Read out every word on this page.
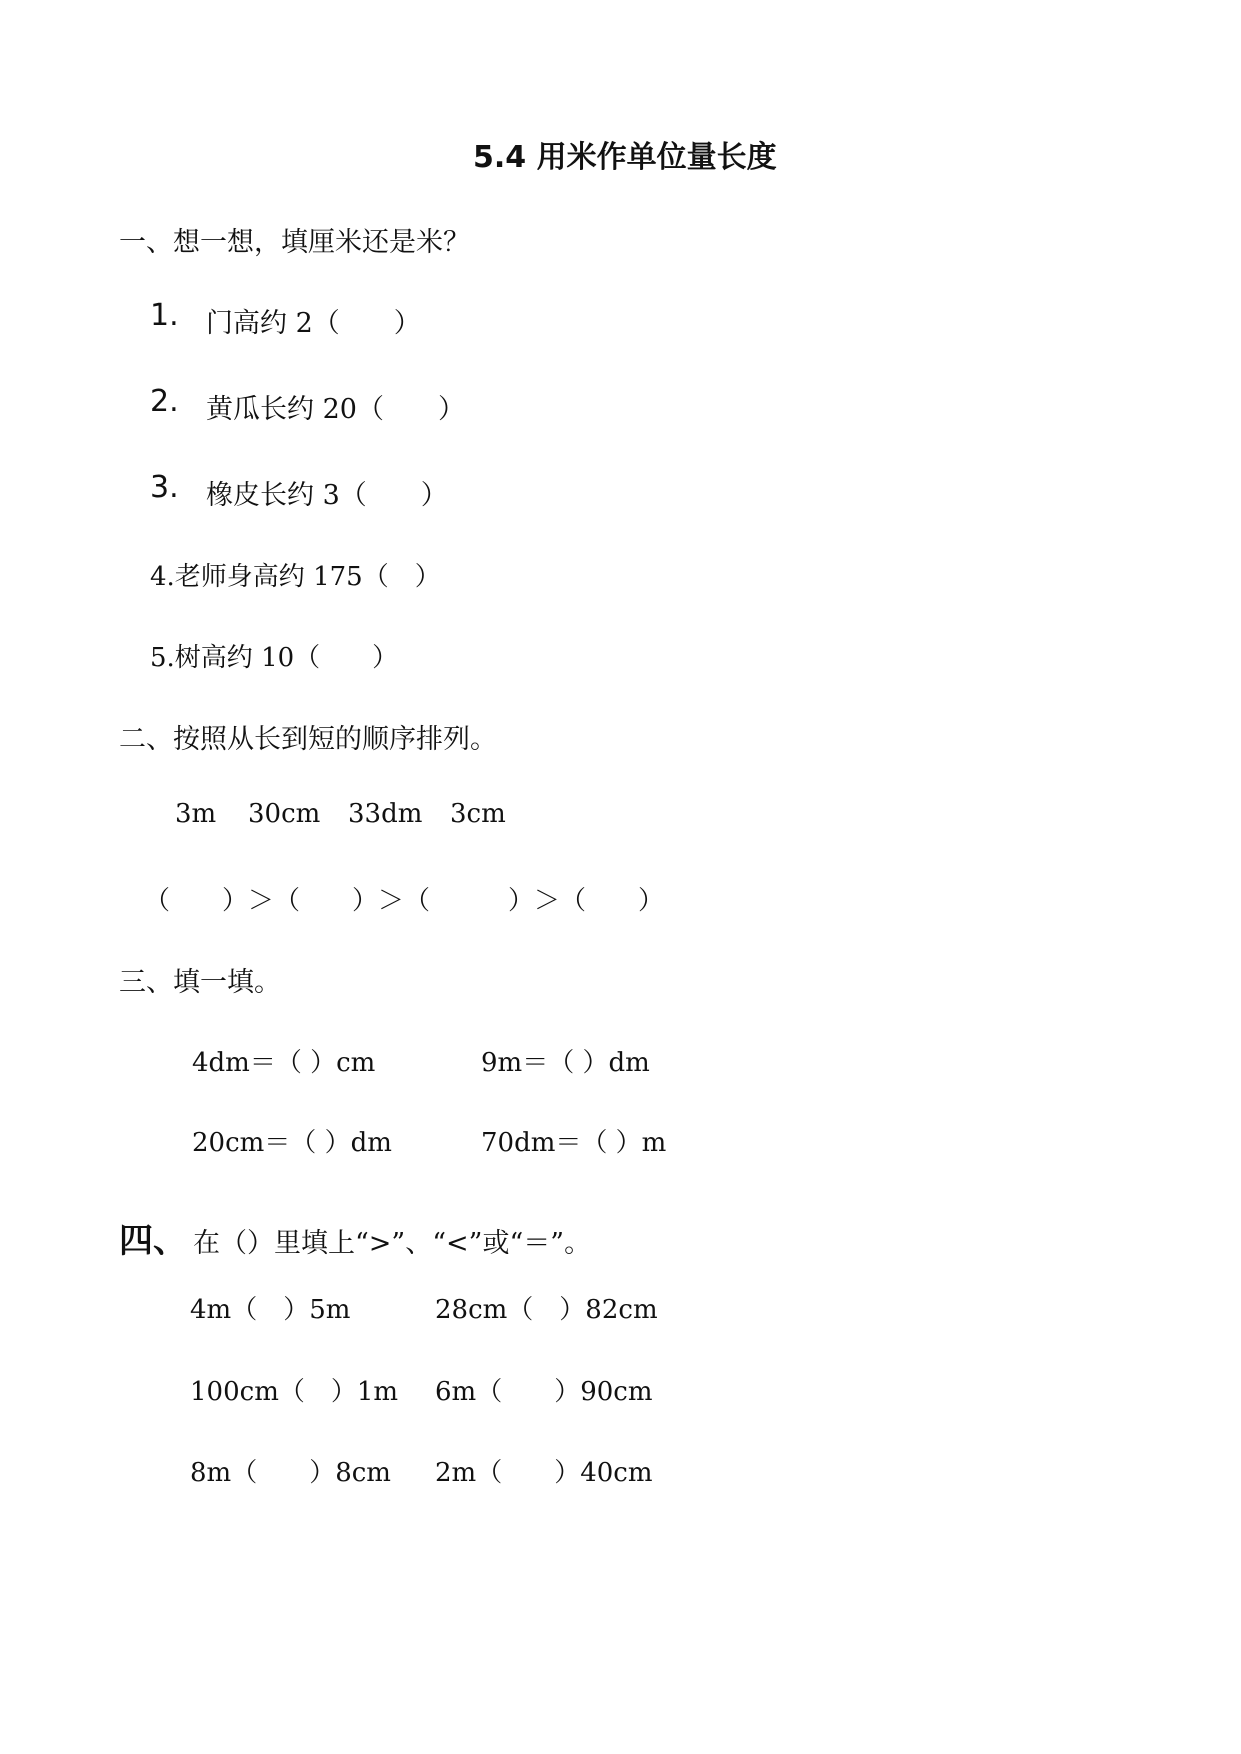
5.4 用米作单位量长度
一、想一想，填厘米还是米？
1. 门高约 2（　　）
2. 黄瓜长约 20（　　）
3. 橡皮长约 3（　　）
4.老师身高约 175（　）
5.树高约 10（　　）
二、按照从长到短的顺序排列。
3m 30cm 33dm 3cm
（　　）＞（　　）＞（　　　）＞（　　）
三、填一填。
4dm＝（ ）cm	9m＝（ ）dm
20cm＝（ ）dm	70dm＝（ ）m
四、 在（）里填上“>”、“<”或“＝”。
4m（　）5m	28cm（　）82cm
100cm（　）1m 6m（　　）90cm
8m（　　）8cm 2m（　　）40cm
